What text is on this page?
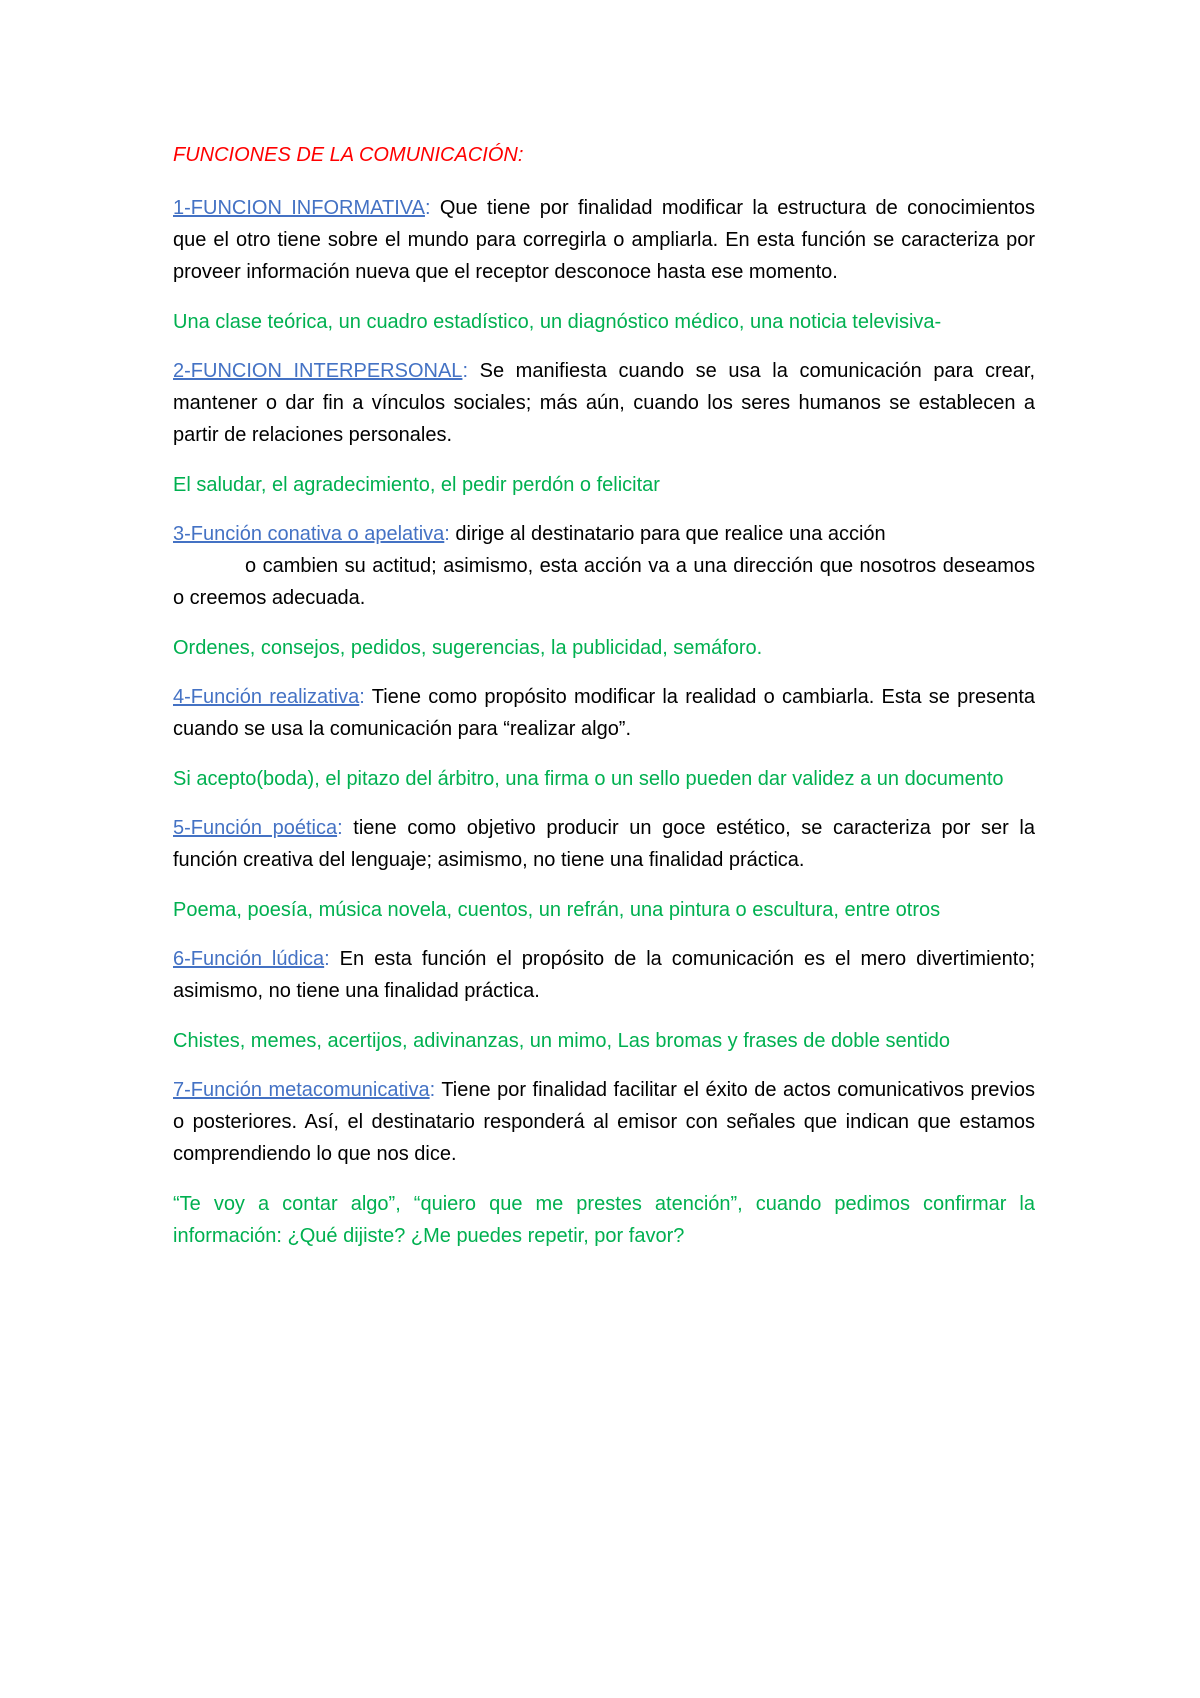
FUNCIONES DE LA COMUNICACIÓN:

1-FUNCION INFORMATIVA: Que tiene por finalidad modificar la estructura de conocimientos que el otro tiene sobre el mundo para corregirla o ampliarla. En esta función se caracteriza por proveer información nueva que el receptor desconoce hasta ese momento.

Una clase teórica, un cuadro estadístico, un diagnóstico médico, una noticia televisiva-

2-FUNCION INTERPERSONAL: Se manifiesta cuando se usa la comunicación para crear, mantener o dar fin a vínculos sociales; más aún, cuando los seres humanos se establecen a partir de relaciones personales.

El saludar, el agradecimiento, el pedir perdón o felicitar

3-Función conativa o apelativa: dirige al destinatario para que realice una acción
o cambien su actitud; asimismo, esta acción va a una dirección que nosotros deseamos o creemos adecuada.

Ordenes, consejos, pedidos, sugerencias, la publicidad, semáforo.

4-Función realizativa: Tiene como propósito modificar la realidad o cambiarla. Esta se presenta cuando se usa la comunicación para “realizar algo”.

Si acepto(boda), el pitazo del árbitro, una firma o un sello pueden dar validez a un documento

5-Función poética: tiene como objetivo producir un goce estético, se caracteriza por ser la función creativa del lenguaje; asimismo, no tiene una finalidad práctica.

Poema, poesía, música novela, cuentos, un refrán, una pintura o escultura, entre otros

6-Función lúdica: En esta función el propósito de la comunicación es el mero divertimiento; asimismo, no tiene una finalidad práctica.

Chistes, memes, acertijos, adivinanzas, un mimo, Las bromas y frases de doble sentido

7-Función metacomunicativa: Tiene por finalidad facilitar el éxito de actos comunicativos previos o posteriores. Así, el destinatario responderá al emisor con señales que indican que estamos comprendiendo lo que nos dice.

“Te voy a contar algo”, “quiero que me prestes atención”, cuando pedimos confirmar la información: ¿Qué dijiste? ¿Me puedes repetir, por favor?
